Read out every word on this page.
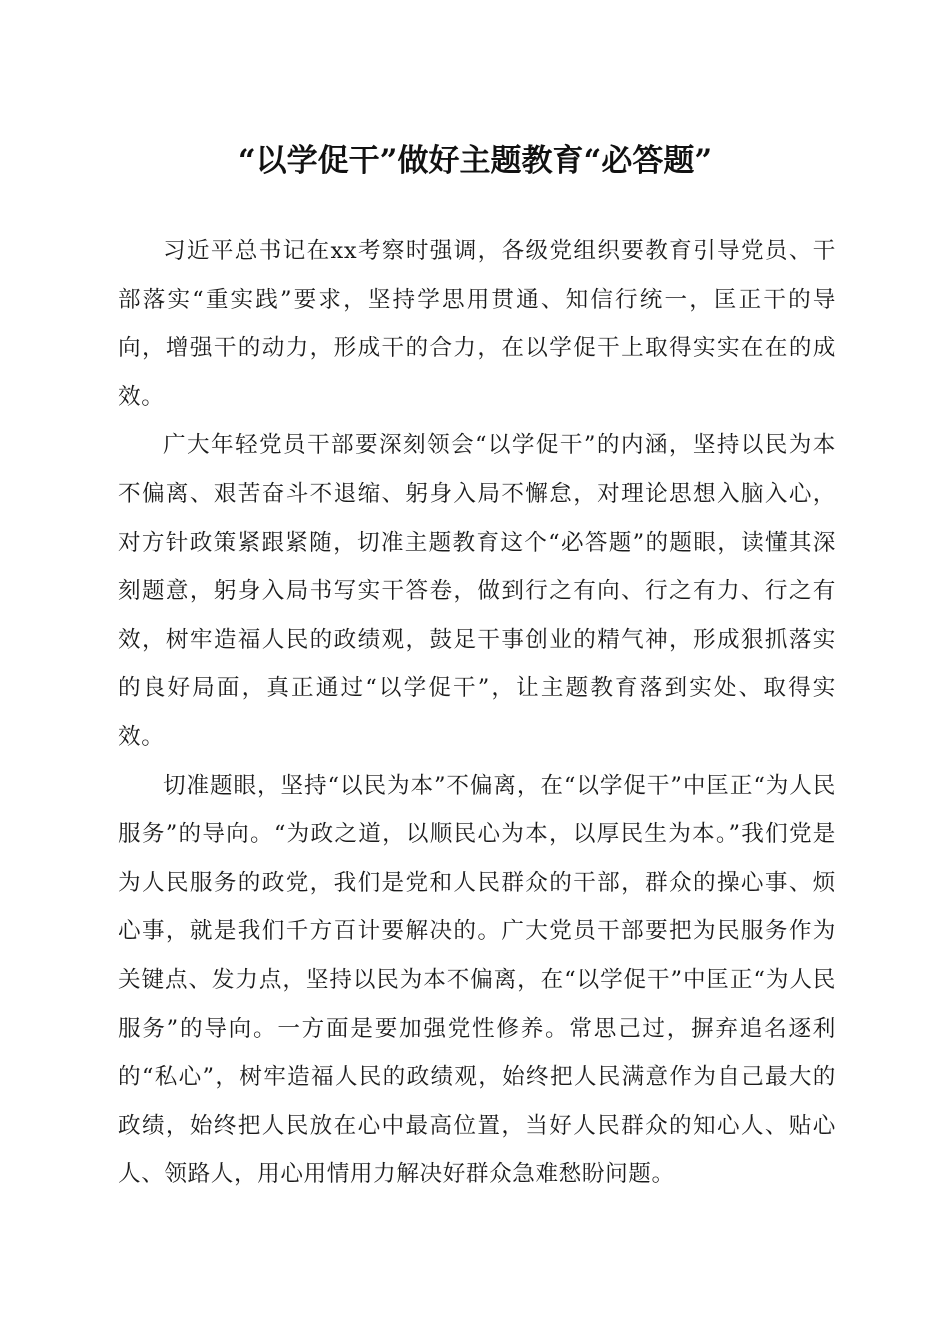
“以学促干”做好主题教育“必答题”

习近平总书记在xx考察时强调，各级党组织要教育引导党员、干部落实“重实践”要求，坚持学思用贯通、知信行统一，匡正干的导向，增强干的动力，形成干的合力，在以学促干上取得实实在在的成效。

广大年轻党员干部要深刻领会“以学促干”的内涵，坚持以民为本不偏离、艰苦奋斗不退缩、躬身入局不懈怠，对理论思想入脑入心，对方针政策紧跟紧随，切准主题教育这个“必答题”的题眼，读懂其深刻题意，躬身入局书写实干答卷，做到行之有向、行之有力、行之有效，树牢造福人民的政绩观，鼓足干事创业的精气神，形成狠抓落实的良好局面，真正通过“以学促干”，让主题教育落到实处、取得实效。

切准题眼，坚持“以民为本”不偏离，在“以学促干”中匡正“为人民服务”的导向。“为政之道，以顺民心为本，以厚民生为本。”我们党是为人民服务的政党，我们是党和人民群众的干部，群众的操心事、烦心事，就是我们千方百计要解决的。广大党员干部要把为民服务作为关键点、发力点，坚持以民为本不偏离，在“以学促干”中匡正“为人民服务”的导向。一方面是要加强党性修养。常思己过，摒弃追名逐利的“私心”，树牢造福人民的政绩观，始终把人民满意作为自己最大的政绩，始终把人民放在心中最高位置，当好人民群众的知心人、贴心人、领路人，用心用情用力解决好群众急难愁盼问题。
